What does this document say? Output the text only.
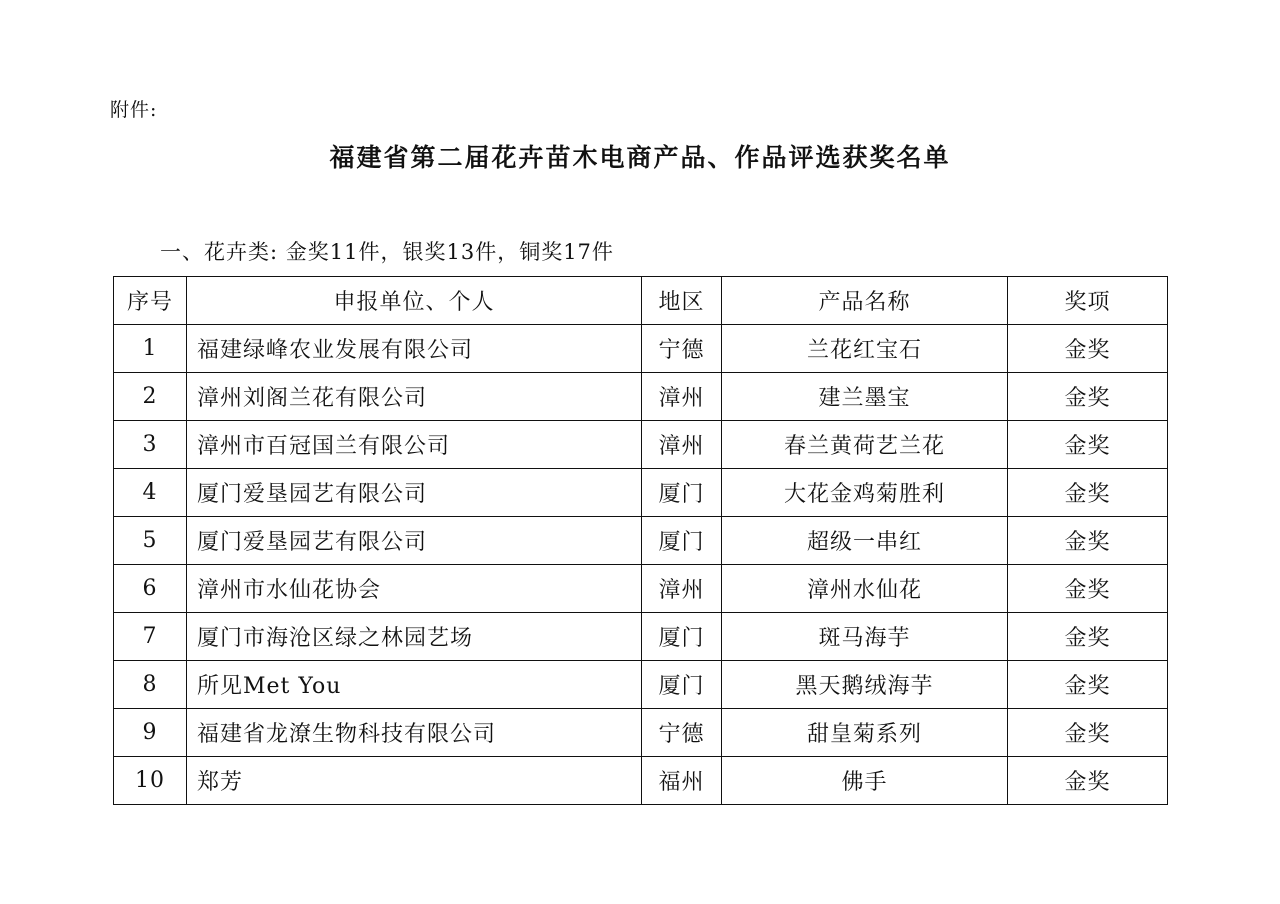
附件:
福建省第二届花卉苗木电商产品、作品评选获奖名单
一、花卉类: 金奖11件，银奖13件，铜奖17件
序号	申报单位、个人	地区	产品名称	奖项
1	福建绿峰农业发展有限公司	宁德	兰花红宝石	金奖
2	漳州刘阁兰花有限公司	漳州	建兰墨宝	金奖
3	漳州市百冠国兰有限公司	漳州	春兰黄荷艺兰花	金奖
4	厦门爱垦园艺有限公司	厦门	大花金鸡菊胜利	金奖
5	厦门爱垦园艺有限公司	厦门	超级一串红	金奖
6	漳州市水仙花协会	漳州	漳州水仙花	金奖
7	厦门市海沧区绿之林园艺场	厦门	斑马海芋	金奖
8	所见Met You	厦门	黑天鹅绒海芋	金奖
9	福建省龙潦生物科技有限公司	宁德	甜皇菊系列	金奖
10	郑芳	福州	佛手	金奖
